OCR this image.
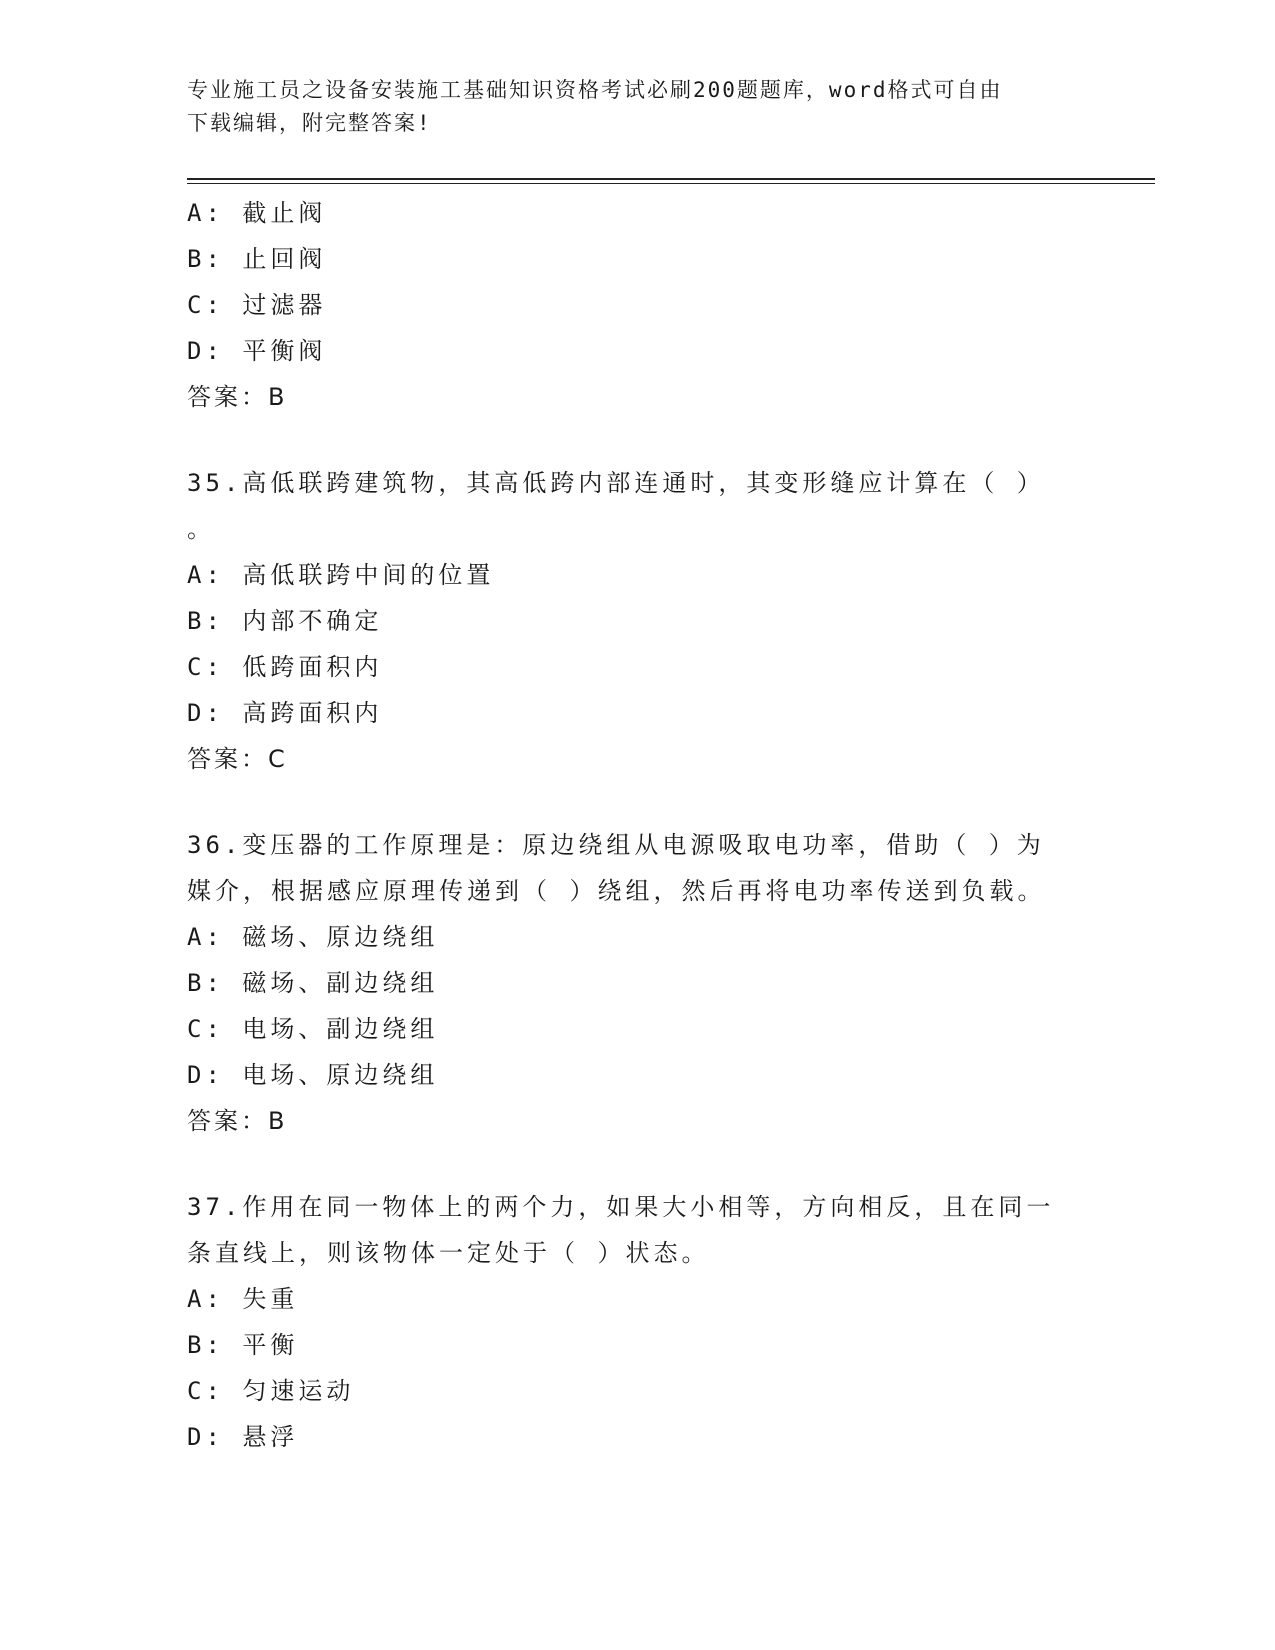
专业施工员之设备安装施工基础知识资格考试必刷200题题库，word格式可自由
下载编辑，附完整答案!
A: 截止阀
B: 止回阀
C: 过滤器
D: 平衡阀
答案：B
35.高低联跨建筑物，其高低跨内部连通时，其变形缝应计算在（ ）
。
A: 高低联跨中间的位置
B: 内部不确定
C: 低跨面积内
D: 高跨面积内
答案：C
36.变压器的工作原理是：原边绕组从电源吸取电功率，借助（ ）为
媒介，根据感应原理传递到（ ）绕组，然后再将电功率传送到负载。
A: 磁场、原边绕组
B: 磁场、副边绕组
C: 电场、副边绕组
D: 电场、原边绕组
答案：B
37.作用在同一物体上的两个力，如果大小相等，方向相反，且在同一
条直线上，则该物体一定处于（ ）状态。
A: 失重
B: 平衡
C: 匀速运动
D: 悬浮
